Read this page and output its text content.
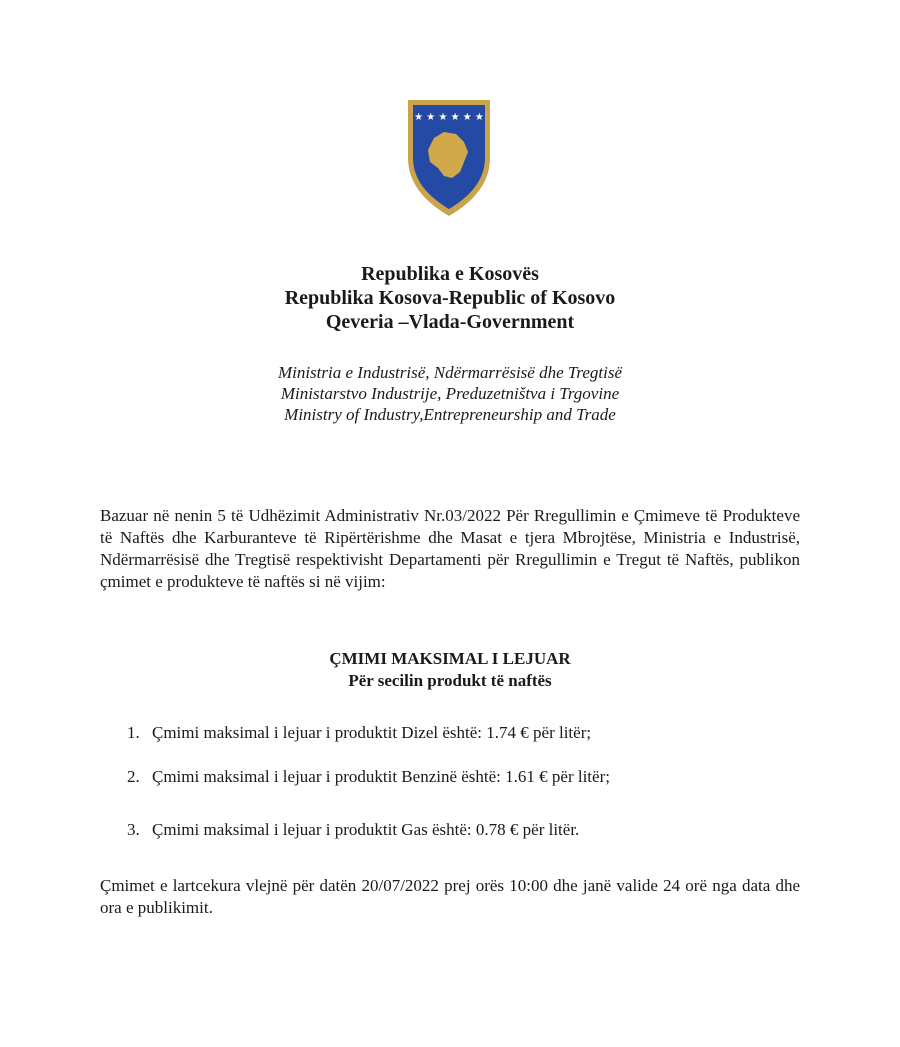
★ ★ ★ ★ ★ ★
Republika e Kosovës
Republika Kosova-Republic of Kosovo
Qeveria –Vlada-Government
Ministria e Industrisë, Ndërmarrësisë dhe Tregtisë
Ministarstvo Industrije, Preduzetništva i Trgovine
Ministry of Industry,Entrepreneurship and Trade
Bazuar në nenin 5 të Udhëzimit Administrativ Nr.03/2022 Për Rregullimin e Çmimeve të Produkteve të Naftës dhe Karburanteve të Ripërtërishme dhe Masat e tjera Mbrojtëse, Ministria e Industrisë, Ndërmarrësisë dhe Tregtisë respektivisht Departamenti për Rregullimin e Tregut të Naftës, publikon çmimet e produkteve të naftës si në vijim:
ÇMIMI MAKSIMAL I LEJUAR
Për secilin produkt të naftës
1. Çmimi maksimal i lejuar i produktit Dizel është: 1.74 € për litër;
2. Çmimi maksimal i lejuar i produktit Benzinë është: 1.61 € për litër;
3. Çmimi maksimal i lejuar i produktit Gas është: 0.78 € për litër.
Çmimet e lartcekura vlejnë për datën 20/07/2022 prej orës 10:00 dhe janë valide 24 orë nga data dhe ora e publikimit.
